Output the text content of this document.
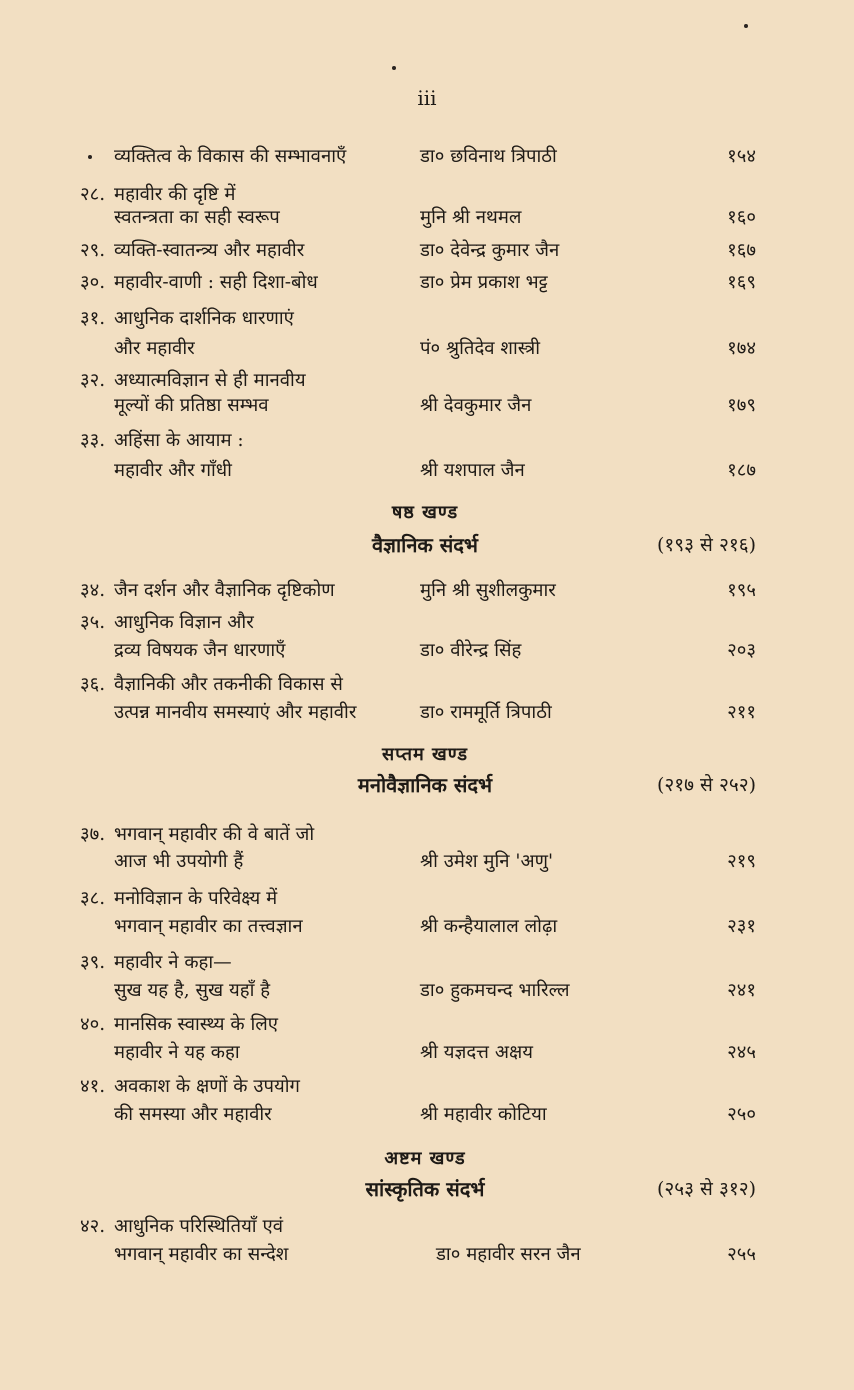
iii
व्यक्तित्व के विकास की सम्भावनाएँ	डा० छविनाथ त्रिपाठी	१५४
२८. महावीर की दृष्टि में
स्वतन्त्रता का सही स्वरूप	मुनि श्री नथमल	१६०
२९. व्यक्ति-स्वातन्त्र्य और महावीर	डा० देवेन्द्र कुमार जैन	१६७
३०. महावीर-वाणी : सही दिशा-बोध	डा० प्रेम प्रकाश भट्ट	१६९
३१. आधुनिक दार्शनिक धारणाएं
और महावीर	पं० श्रुतिदेव शास्त्री	१७४
३२. अध्यात्मविज्ञान से ही मानवीय
मूल्यों की प्रतिष्ठा सम्भव	श्री देवकुमार जैन	१७९
३३. अहिंसा के आयाम :
महावीर और गाँधी	श्री यशपाल जैन	१८७
षष्ठ खण्ड
वैज्ञानिक संदर्भ	(१९३ से २१६)
३४. जैन दर्शन और वैज्ञानिक दृष्टिकोण	मुनि श्री सुशीलकुमार	१९५
३५. आधुनिक विज्ञान और
द्रव्य विषयक जैन धारणाएँ	डा० वीरेन्द्र सिंह	२०३
३६. वैज्ञानिकी और तकनीकी विकास से
उत्पन्न मानवीय समस्याएं और महावीर	डा० राममूर्ति त्रिपाठी	२११
सप्तम खण्ड
मनोवैज्ञानिक संदर्भ	(२१७ से २५२)
३७. भगवान् महावीर की वे बातें जो
आज भी उपयोगी हैं	श्री उमेश मुनि 'अणु'	२१९
३८. मनोविज्ञान के परिवेक्ष्य में
भगवान् महावीर का तत्त्वज्ञान	श्री कन्हैयालाल लोढ़ा	२३१
३९. महावीर ने कहा—
सुख यह है, सुख यहाँ है	डा० हुकमचन्द भारिल्ल	२४१
४०. मानसिक स्वास्थ्य के लिए
महावीर ने यह कहा	श्री यज्ञदत्त अक्षय	२४५
४१. अवकाश के क्षणों के उपयोग
की समस्या और महावीर	श्री महावीर कोटिया	२५०
अष्टम खण्ड
सांस्कृतिक संदर्भ	(२५३ से ३१२)
४२. आधुनिक परिस्थितियाँ एवं
भगवान् महावीर का सन्देश	डा० महावीर सरन जैन	२५५
